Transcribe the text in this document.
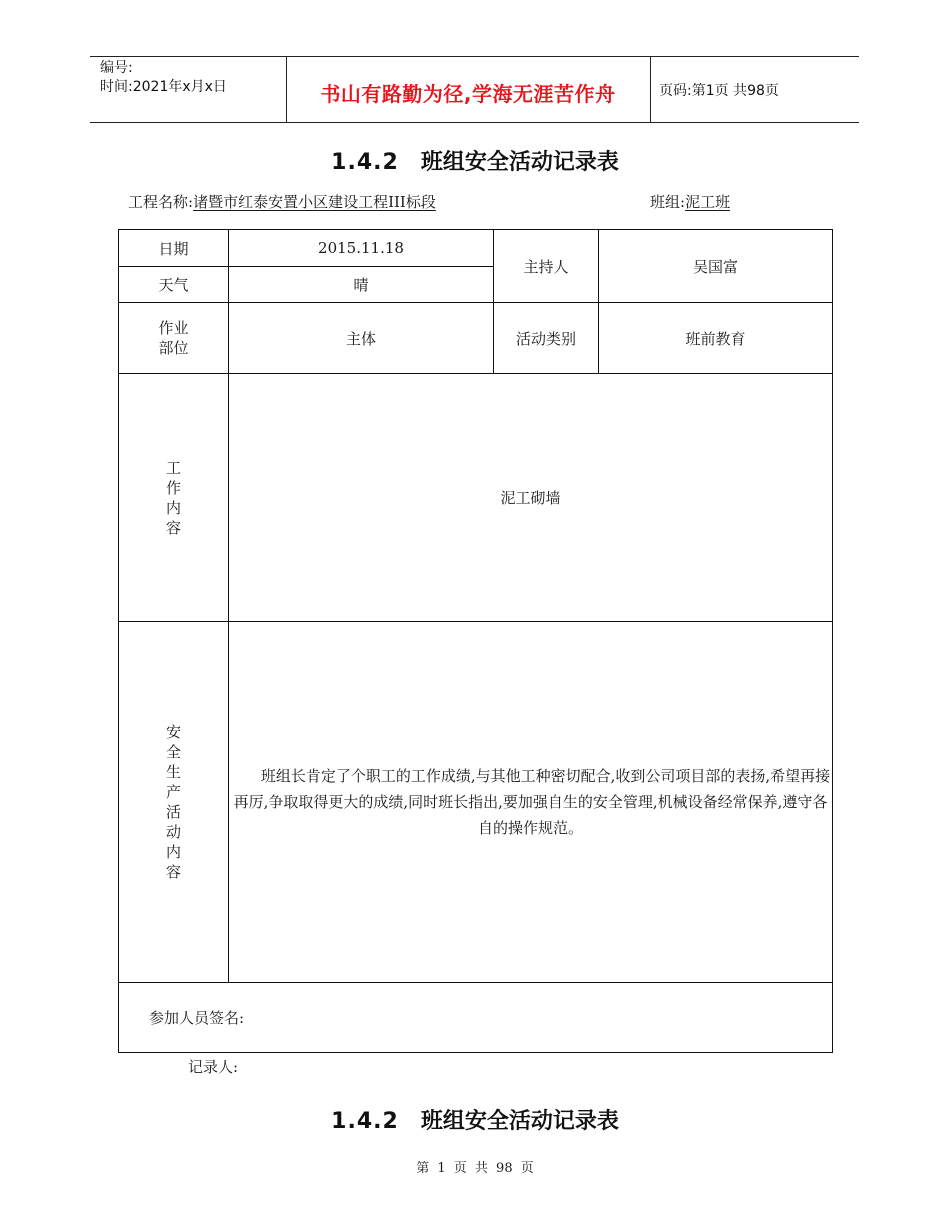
编号:
时间:2021年x月x日	书山有路勤为径,学海无涯苦作舟	页码:第1页 共98页
1.4.2 班组安全活动记录表
工程名称:诸暨市红泰安置小区建设工程III标段	班组:泥工班
日期	2015.11.18	主持人	吴国富
天气	晴		
作业部位	主体	活动类别	班前教育
工作内容	泥工砌墙		
安全生产活动内容	班组长肯定了个职工的工作成绩,与其他工种密切配合,收到公司项目部的表扬,希望再接再厉,争取取得更大的成绩,同时班长指出,要加强自生的安全管理,机械设备经常保养,遵守各自的操作规范。		
参加人员签名:			
记录人:
1.4.2 班组安全活动记录表
第 1 页 共 98 页
